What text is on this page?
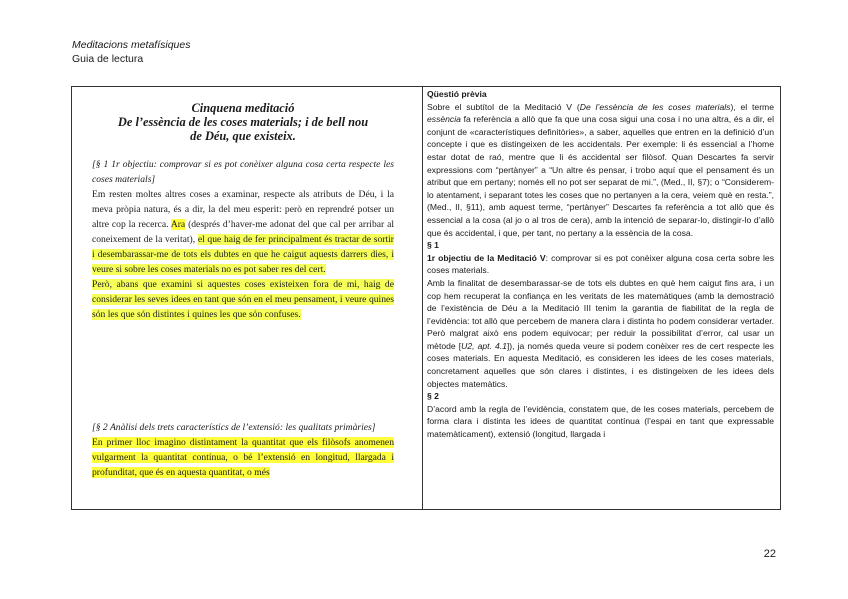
Meditacions metafísiques
Guia de lectura
Cinquena meditació
De l’essència de les coses materials; i de bell nou
de Déu, que existeix.

[§ 1 1r objectiu: comprovar si es pot conèixer alguna cosa certa respecte les coses materials]

Em resten moltes altres coses a examinar, respecte als atributs de Déu, i la meva pròpia natura, és a dir, la del meu esperit: però en reprendré potser un altre cop la recerca. Ara (després d’haver-me adonat del que cal per arribar al coneixement de la veritat), el que haig de fer principalment és tractar de sortir i desembarassar-me de tots els dubtes en que he caigut aquests darrers dies, i veure si sobre les coses materials no es pot saber res del cert.

Però, abans que examini si aquestes coses existeixen fora de mi, haig de considerar les seves idees en tant que són en el meu pensament, i veure quines són les que són distintes i quines les que són confuses.

[§ 2 Anàlisi dels trets característics de l’extensió: les qualitats primàries]

En primer lloc imagino distintament la quantitat que els filòsofs anomenen vulgarment la quantitat contínua, o bé l’extensió en longitud, llargada i profunditat, que és en aquesta quantitat, o més

Qüestió prèvia

Sobre el subtítol de la Meditació V (De l’essència de les coses materials), el terme essència fa referència a allò que fa que una cosa sigui una cosa i no una altra, és a dir, el conjunt de «característiques definitòries», a saber, aquelles que entren en la definició d’un concepte i que es distingeixen de les accidentals. Per exemple: li és essencial a l’home estar dotat de raó, mentre que li és accidental ser filòsof. Quan Descartes fa servir expressions com “pertànyer” a “Un altre és pensar, i trobo aquí que el pensament és un atribut que em pertany; només ell no pot ser separat de mi.”, (Med., II, §7); o “Considerem-lo atentament, i separant totes les coses que no pertanyen a la cera, veiem què en resta.”, (Med., II, §11), amb aquest terme, “pertànyer” Descartes fa referència a tot allò que és essencial a la cosa (al jo o al tros de cera), amb la intenció de separar-lo, distingir-lo d’allò que és accidental, i que, per tant, no pertany a la essència de la cosa.

§ 1

1r objectiu de la Meditació V: comprovar si es pot conèixer alguna cosa certa sobre les coses materials.

Amb la finalitat de desembarassar-se de tots els dubtes en què hem caigut fins ara, i un cop hem recuperat la confiança en les veritats de les matemàtiques (amb la demostració de l’existència de Déu a la Meditació III tenim la garantia de fiabilitat de la regla de l’evidència: tot allò que percebem de manera clara i distinta ho podem considerar vertader. Però malgrat això ens podem equivocar; per reduir la possibilitat d’error, cal usar un mètode [U2, apt. 4.1]), ja només queda veure si podem conèixer res de cert respecte les coses materials. En aquesta Meditació, es consideren les idees de les coses materials, concretament aquelles que són clares i distintes, i es distingeixen de les idees dels objectes matemàtics.

§ 2

D’acord amb la regla de l’evidència, constatem que, de les coses materials, percebem de forma clara i distinta les idees de quantitat contínua (l’espai en tant que expressable matemàticament), extensió (longitud, llargada i

22
